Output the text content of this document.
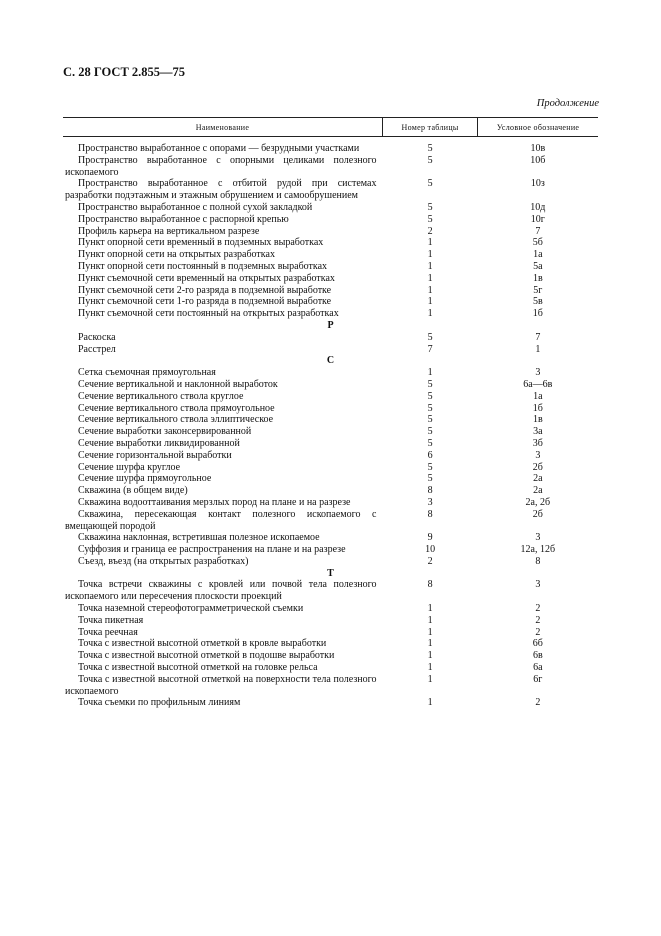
С. 28 ГОСТ 2.855—75
Продолжение
Наименование	Номер таблицы	Условное обозначение

Пространство выработанное с опорами — безрудными участками	5	10в
Пространство выработанное с опорными целиками полезного ископаемого	5	10б
Пространство выработанное с отбитой рудой при системах разработки подэтажным и этажным обрушением и самообрушением	5	10з
Пространство выработанное с полной сухой закладкой	5	10д
Пространство выработанное с распорной крепью	5	10г
Профиль карьера на вертикальном разрезе	2	7
Пункт опорной сети временный в подземных выработках	1	5б
Пункт опорной сети на открытых разработках	1	1а
Пункт опорной сети постоянный в подземных выработках	1	5а
Пункт съемочной сети временный на открытых разработках	1	1в
Пункт съемочной сети 2-го разряда в подземной выработке	1	5г
Пункт съемочной сети 1-го разряда в подземной выработке	1	5в
Пункт съемочной сети постоянный на открытых разработках	1	1б
Р		
Раскоска	5	7
Расстрел	7	1
С		
Сетка съемочная прямоугольная	1	3
Сечение вертикальной и наклонной выработок	5	6а—6в
Сечение вертикального ствола круглое	5	1а
Сечение вертикального ствола прямоугольное	5	1б
Сечение вертикального ствола эллиптическое	5	1в
Сечение выработки законсервированной	5	3а
Сечение выработки ликвидированной	5	3б
Сечение горизонтальной выработки	6	3
Сечение шурфа круглое	5	2б
Сечение шурфа прямоугольное	5	2а
Скважина (в общем виде)	8	2а
Скважина водооттаивания мерзлых пород на плане и на разрезе	3	2а, 2б
Скважина, пересекающая контакт полезного ископаемого с вмещающей породой	8	2б
Скважина наклонная, встретившая полезное ископаемое	9	3
Суффозия и граница ее распространения на плане и на разрезе	10	12а, 12б
Съезд, въезд (на открытых разработках)	2	8
Т		
Точка встречи скважины с кровлей или почвой тела полезного ископаемого или пересечения плоскости проекций	8	3
Точка наземной стереофотограмметрической съемки	1	2
Точка пикетная	1	2
Точка реечная	1	2
Точка с известной высотной отметкой в кровле выработки	1	6б
Точка с известной высотной отметкой в подошве выработки	1	6в
Точка с известной высотной отметкой на головке рельса	1	6а
Точка с известной высотной отметкой на поверхности тела полезного ископаемого	1	6г
Точка съемки по профильным линиям	1	2
